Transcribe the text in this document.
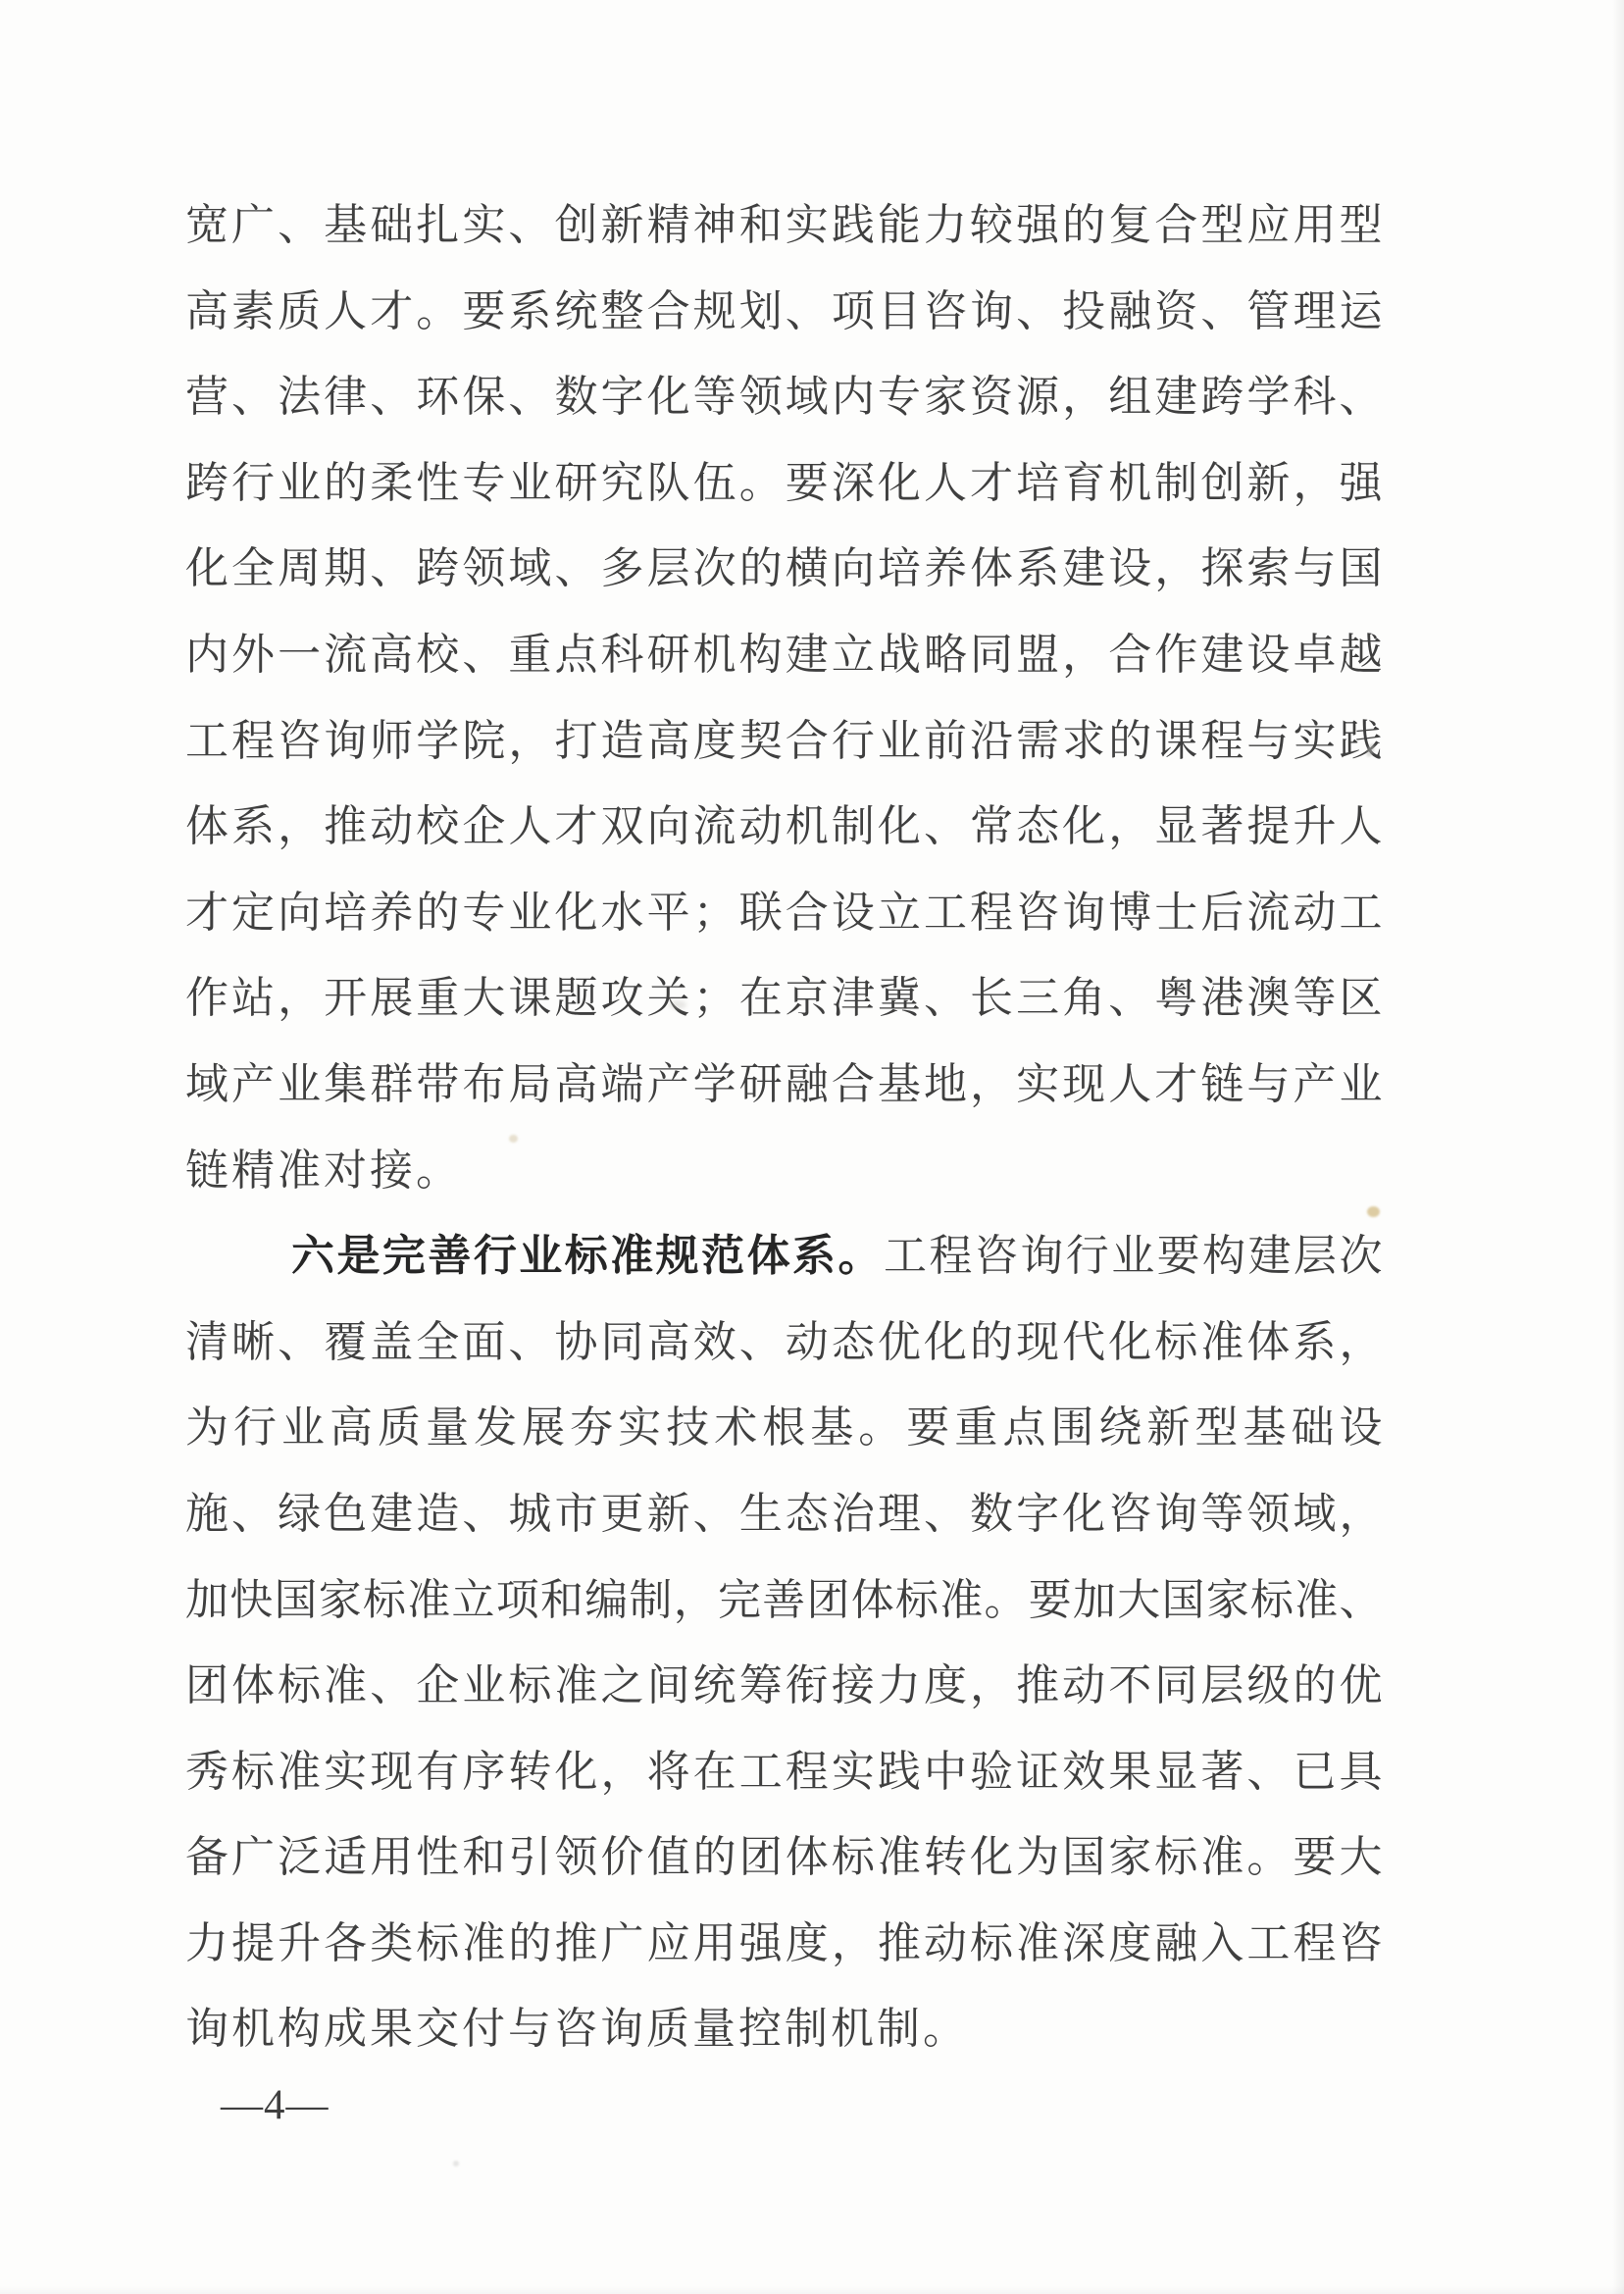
宽广、基础扎实、创新精神和实践能力较强的复合型应用型
高素质人才。要系统整合规划、项目咨询、投融资、管理运
营、法律、环保、数字化等领域内专家资源，组建跨学科、
跨行业的柔性专业研究队伍。要深化人才培育机制创新，强
化全周期、跨领域、多层次的横向培养体系建设，探索与国
内外一流高校、重点科研机构建立战略同盟，合作建设卓越
工程咨询师学院，打造高度契合行业前沿需求的课程与实践
体系，推动校企人才双向流动机制化、常态化，显著提升人
才定向培养的专业化水平；联合设立工程咨询博士后流动工
作站，开展重大课题攻关；在京津冀、长三角、粤港澳等区
域产业集群带布局高端产学研融合基地，实现人才链与产业
链精准对接。
六是完善行业标准规范体系。工程咨询行业要构建层次
清晰、覆盖全面、协同高效、动态优化的现代化标准体系，
为行业高质量发展夯实技术根基。要重点围绕新型基础设
施、绿色建造、城市更新、生态治理、数字化咨询等领域，
加快国家标准立项和编制，完善团体标准。要加大国家标准、
团体标准、企业标准之间统筹衔接力度，推动不同层级的优
秀标准实现有序转化，将在工程实践中验证效果显著、已具
备广泛适用性和引领价值的团体标准转化为国家标准。要大
力提升各类标准的推广应用强度，推动标准深度融入工程咨
询机构成果交付与咨询质量控制机制。
—4—
